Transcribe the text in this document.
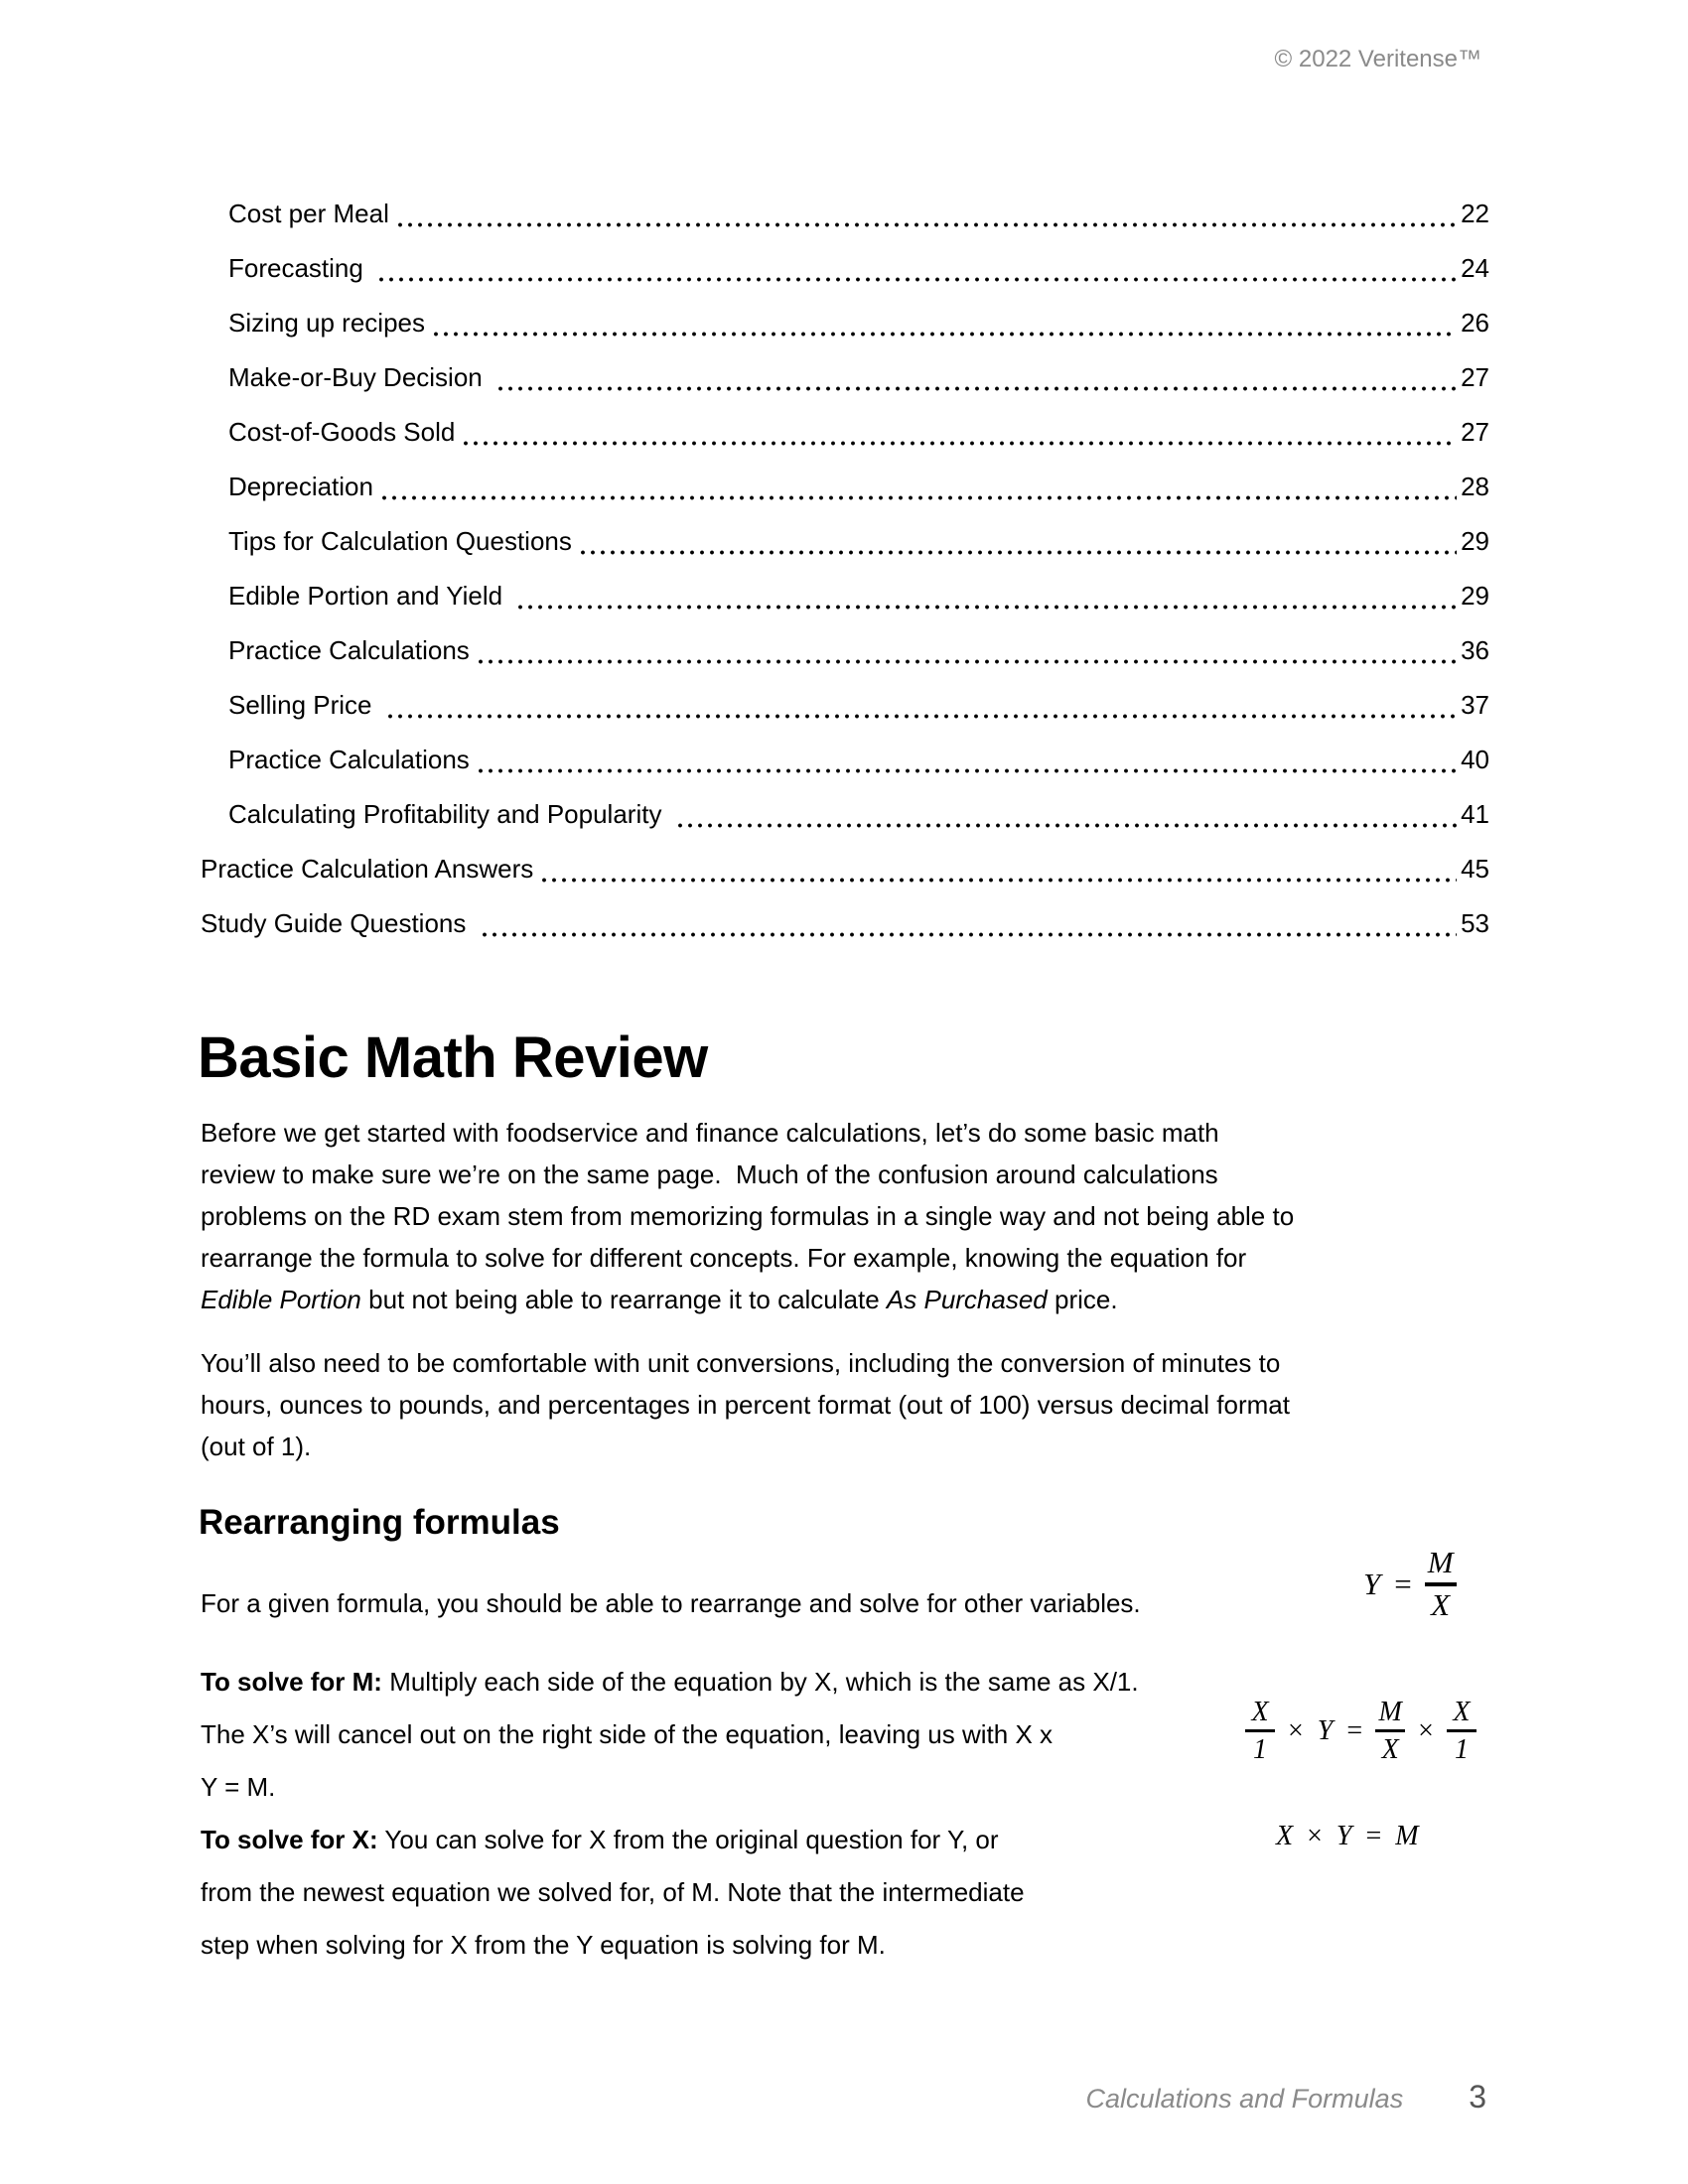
© 2022 Veritense™
Cost per Meal	22
Forecasting	24
Sizing up recipes	26
Make-or-Buy Decision	27
Cost-of-Goods Sold	27
Depreciation	28
Tips for Calculation Questions	29
Edible Portion and Yield	29
Practice Calculations	36
Selling Price	37
Practice Calculations	40
Calculating Profitability and Popularity	41
Practice Calculation Answers	45
Study Guide Questions	53
Basic Math Review
Before we get started with foodservice and finance calculations, let’s do some basic math
review to make sure we’re on the same page.  Much of the confusion around calculations
problems on the RD exam stem from memorizing formulas in a single way and not being able to
rearrange the formula to solve for different concepts. For example, knowing the equation for
Edible Portion but not being able to rearrange it to calculate As Purchased price.
You’ll also need to be comfortable with unit conversions, including the conversion of minutes to
hours, ounces to pounds, and percentages in percent format (out of 100) versus decimal format
(out of 1).
Rearranging formulas
For a given formula, you should be able to rearrange and solve for other variables.
$Y = \frac{M}{X}$
To solve for M: Multiply each side of the equation by X, which is the same as X/1.
The X’s will cancel out on the right side of the equation, leaving us with X x
Y = M.
$\frac{X}{1} \times Y = \frac{M}{X} \times \frac{X}{1}$
To solve for X: You can solve for X from the original question for Y, or
from the newest equation we solved for, of M. Note that the intermediate
step when solving for X from the Y equation is solving for M.
X × Y = M
Calculations and Formulas 3
